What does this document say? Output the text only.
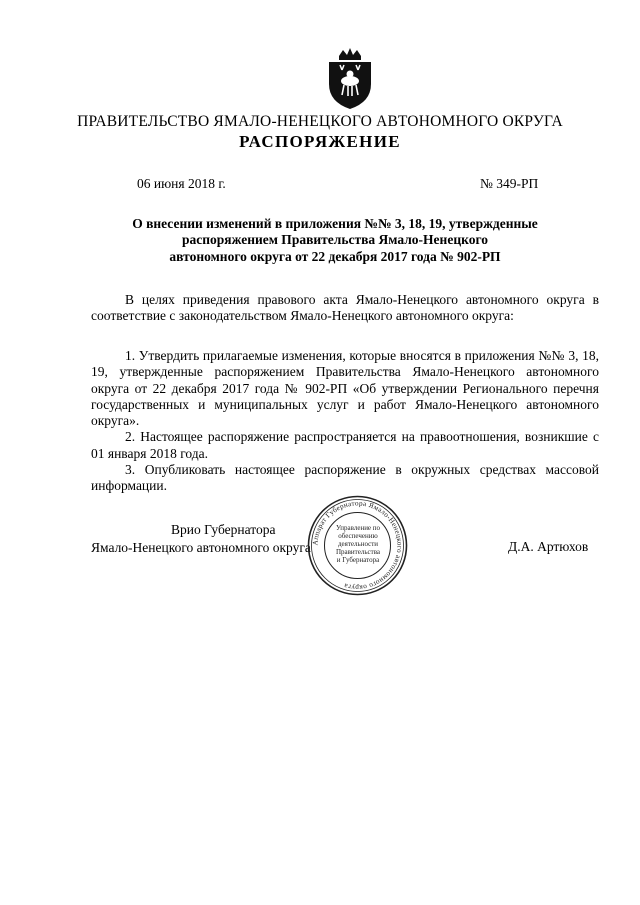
ПРАВИТЕЛЬСТВО ЯМАЛО-НЕНЕЦКОГО АВТОНОМНОГО ОКРУГА
РАСПОРЯЖЕНИЕ
06 июня 2018 г.	№ 349-РП
О внесении изменений в приложения №№ 3, 18, 19, утвержденные
распоряжением Правительства Ямало-Ненецкого
автономного округа от 22 декабря 2017 года № 902-РП

В целях приведения правового акта Ямало-Ненецкого автономного округа в соответствие с законодательством Ямало-Ненецкого автономного округа:

1. Утвердить прилагаемые изменения, которые вносятся в приложения №№ 3, 18, 19, утвержденные распоряжением Правительства Ямало-Ненецкого автономного округа от 22 декабря 2017 года № 902-РП «Об утверждении Регионального перечня государственных и муниципальных услуг и работ Ямало-Ненецкого автономного округа».

2. Настоящее распоряжение распространяется на правоотношения, возникшие с 01 января 2018 года.

3. Опубликовать настоящее распоряжение в окружных средствах массовой информации.

Врио Губернатора
Ямало-Ненецкого автономного округа	Д.А. Артюхов
Аппарат Губернатора Ямало-Ненецкого автономного округа
Управление по
обеспечению
деятельности
Правительства
и Губернатора
